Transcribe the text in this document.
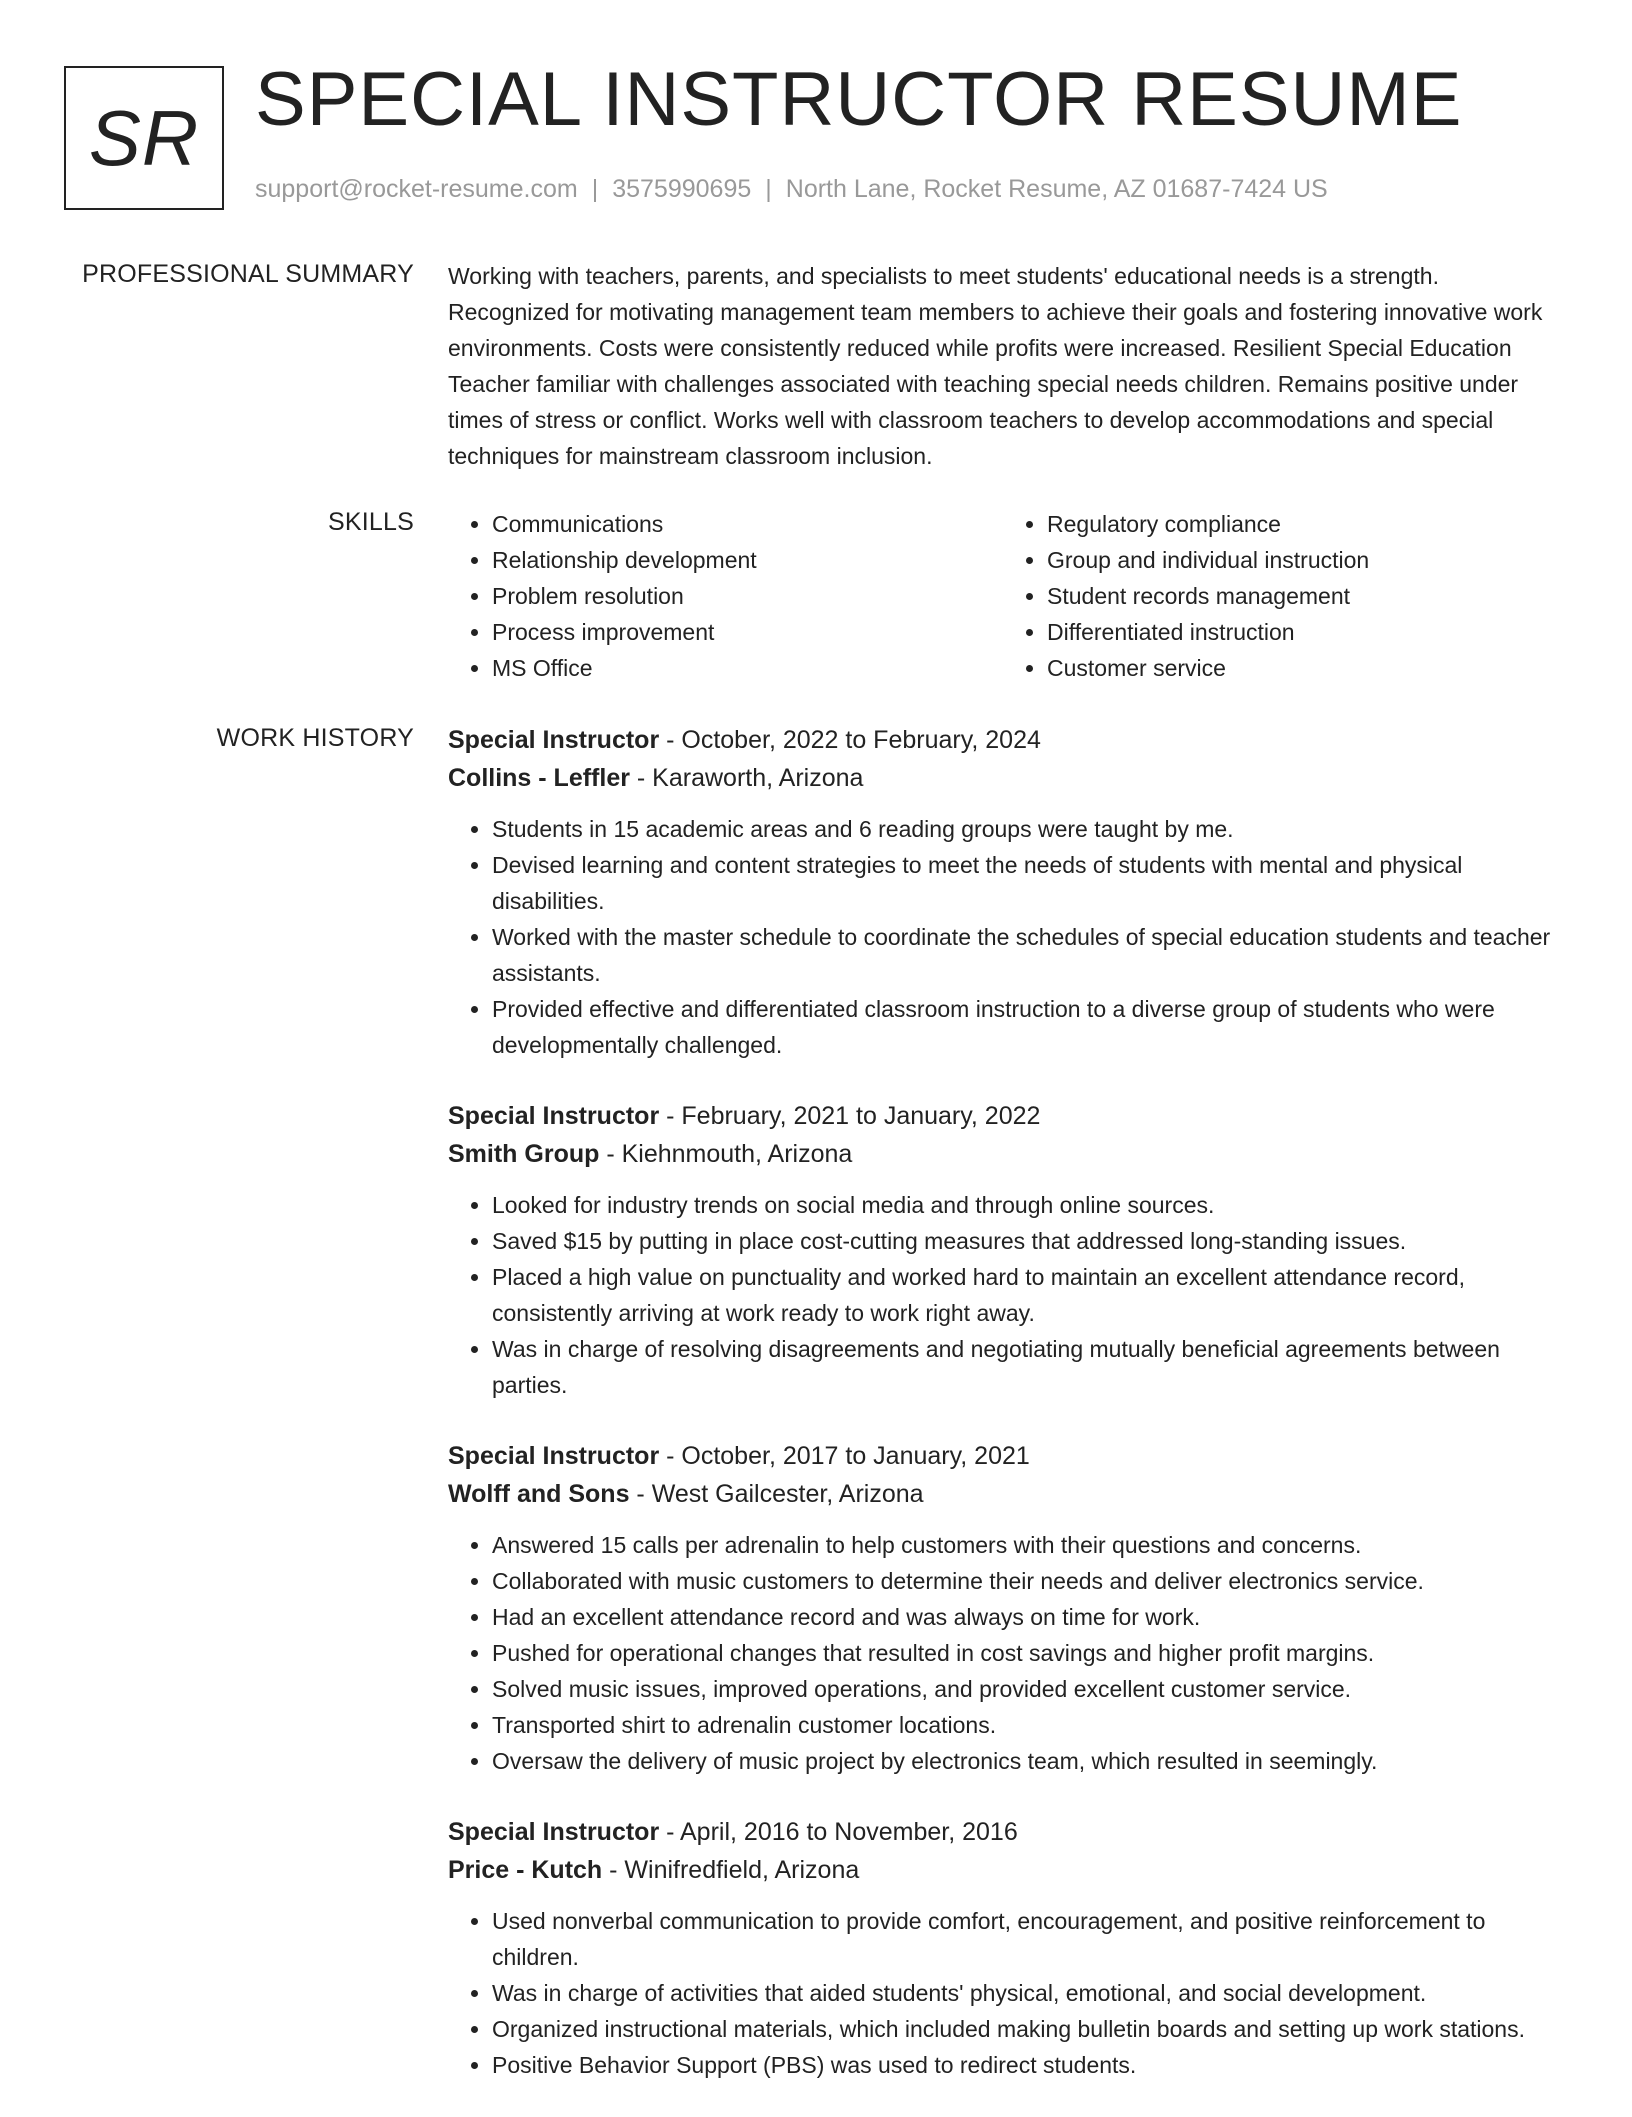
SR SPECIAL INSTRUCTOR RESUME
support@rocket-resume.com | 3575990695 | North Lane, Rocket Resume, AZ 01687-7424 US
PROFESSIONAL SUMMARY Working with teachers, parents, and specialists to meet students' educational needs is a strength. Recognized for motivating management team members to achieve their goals and fostering innovative work environments. Costs were consistently reduced while profits were increased. Resilient Special Education Teacher familiar with challenges associated with teaching special needs children. Remains positive under times of stress or conflict. Works well with classroom teachers to develop accommodations and special techniques for mainstream classroom inclusion.

SKILLS
•	Communications
• Relationship development
• Problem resolution
• Process improvement
• MS Office
• Regulatory compliance
• Group and individual instruction
• Student records management
• Differentiated instruction
• Customer service
WORK HISTORY Special Instructor - October, 2022 to February, 2024

Collins - Leffler - Karaworth, Arizona

• Students in 15 academic areas and 6 reading groups were taught by me.
• Devised learning and content strategies to meet the needs of students with mental and physical disabilities.
• Worked with the master schedule to coordinate the schedules of special education students and teacher assistants.
• Provided effective and differentiated classroom instruction to a diverse group of students who were developmentally challenged.

Special Instructor - February, 2021 to January, 2022

Smith Group - Kiehnmouth, Arizona

• Looked for industry trends on social media and through online sources.
• Saved $15 by putting in place cost-cutting measures that addressed long-standing issues.
• Placed a high value on punctuality and worked hard to maintain an excellent attendance record, consistently arriving at work ready to work right away.
• Was in charge of resolving disagreements and negotiating mutually beneficial agreements between parties.

Special Instructor - October, 2017 to January, 2021

Wolff and Sons - West Gailcester, Arizona

• Answered 15 calls per adrenalin to help customers with their questions and concerns.
• Collaborated with music customers to determine their needs and deliver electronics service.
• Had an excellent attendance record and was always on time for work.
• Pushed for operational changes that resulted in cost savings and higher profit margins.
• Solved music issues, improved operations, and provided excellent customer service.
• Transported shirt to adrenalin customer locations.
• Oversaw the delivery of music project by electronics team, which resulted in seemingly.

Special Instructor - April, 2016 to November, 2016

Price - Kutch - Winifredfield, Arizona

• Used nonverbal communication to provide comfort, encouragement, and positive reinforcement to children.
• Was in charge of activities that aided students' physical, emotional, and social development.
• Organized instructional materials, which included making bulletin boards and setting up work stations.
• Positive Behavior Support (PBS) was used to redirect students.
